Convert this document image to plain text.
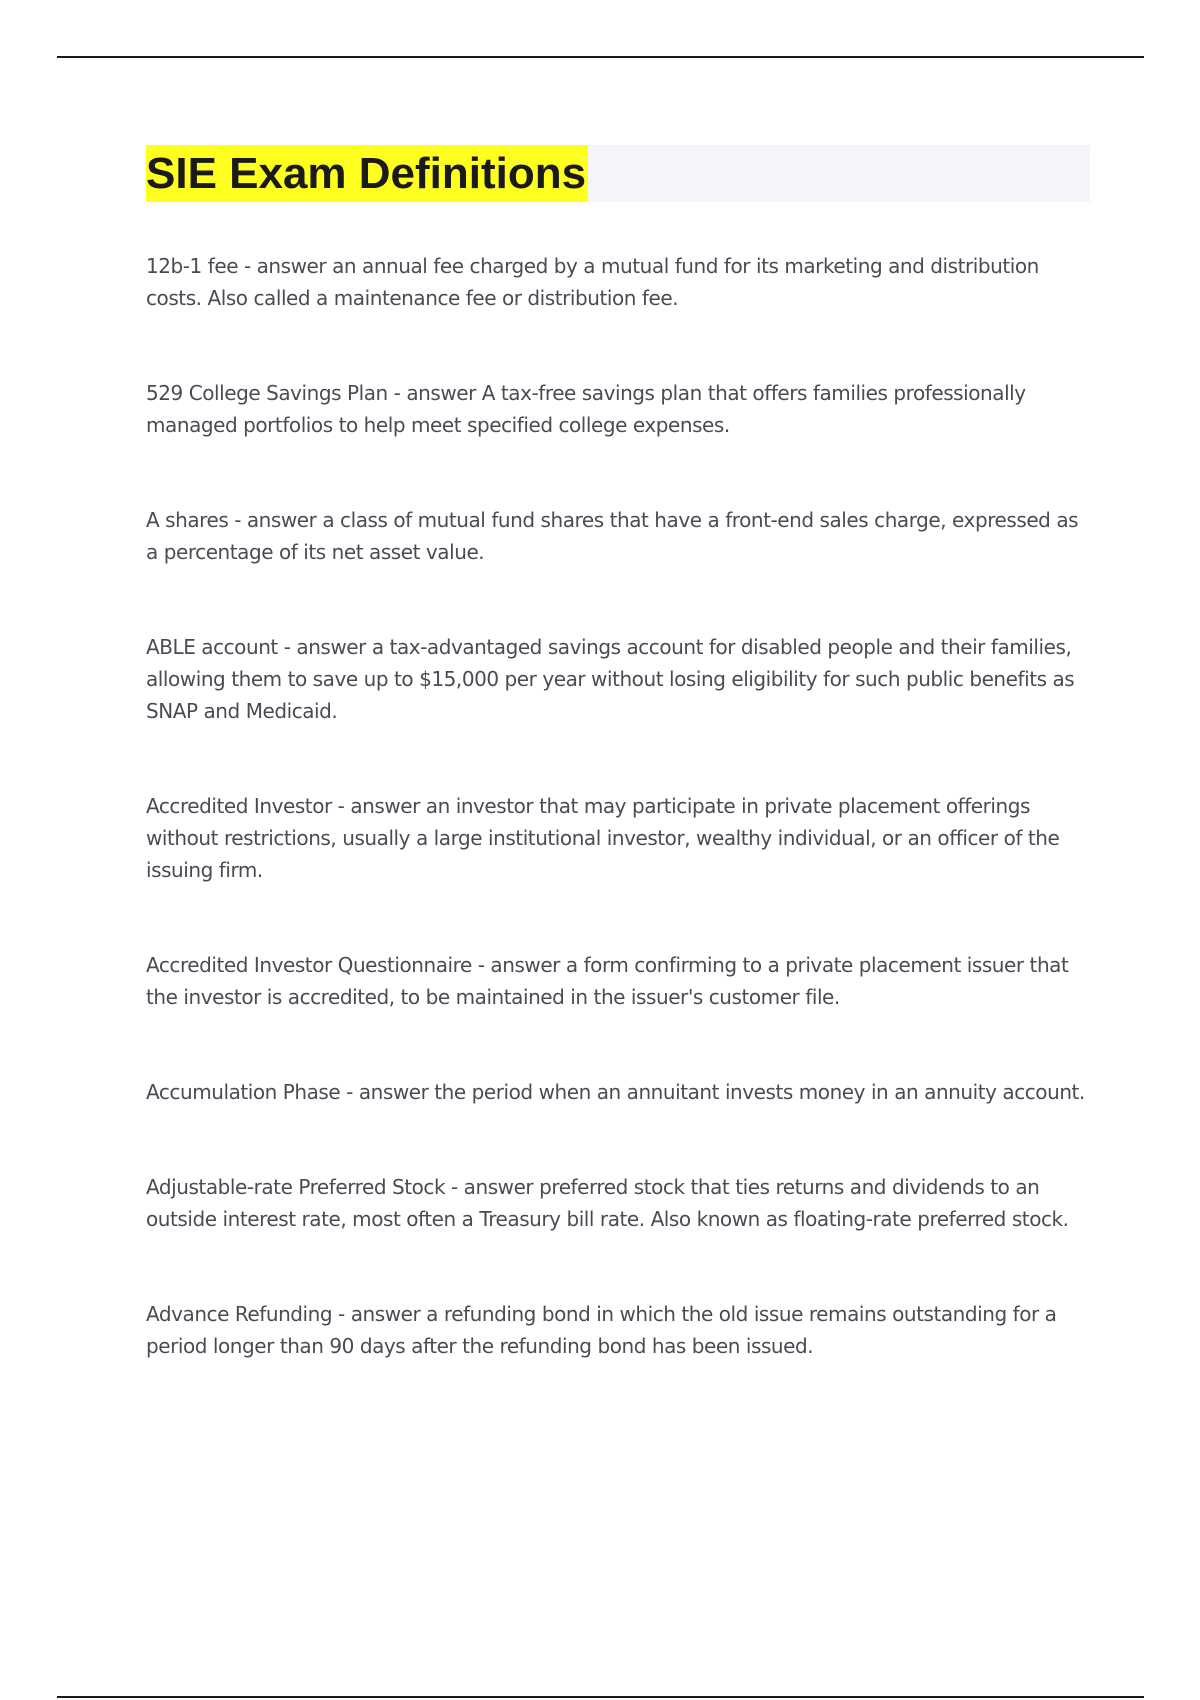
SIE Exam Definitions
12b-1 fee - answer an annual fee charged by a mutual fund for its marketing and distribution costs. Also called a maintenance fee or distribution fee.
529 College Savings Plan - answer A tax-free savings plan that offers families professionally managed portfolios to help meet specified college expenses.
A shares - answer a class of mutual fund shares that have a front-end sales charge, expressed as a percentage of its net asset value.
ABLE account - answer a tax-advantaged savings account for disabled people and their families, allowing them to save up to $15,000 per year without losing eligibility for such public benefits as SNAP and Medicaid.
Accredited Investor - answer an investor that may participate in private placement offerings without restrictions, usually a large institutional investor, wealthy individual, or an officer of the issuing firm.
Accredited Investor Questionnaire - answer a form confirming to a private placement issuer that the investor is accredited, to be maintained in the issuer's customer file.
Accumulation Phase - answer the period when an annuitant invests money in an annuity account.
Adjustable-rate Preferred Stock - answer preferred stock that ties returns and dividends to an outside interest rate, most often a Treasury bill rate. Also known as floating-rate preferred stock.
Advance Refunding - answer a refunding bond in which the old issue remains outstanding for a period longer than 90 days after the refunding bond has been issued.
